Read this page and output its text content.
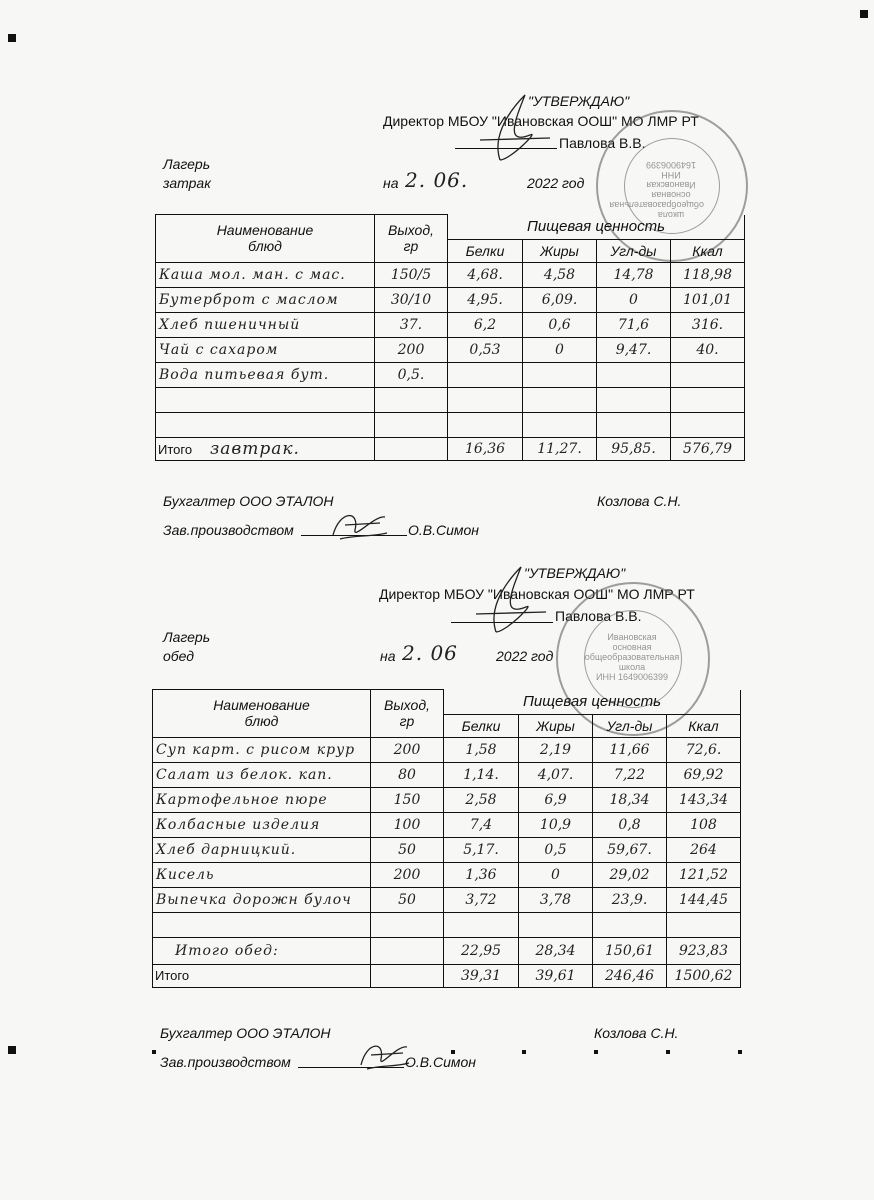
"УТВЕРЖДАЮ"
Директор МБОУ "Ивановская ООШ" МО ЛМР РТ
Павлова В.В.
Лагерь
затрак	на 2. 06.	2022 год
школа
общеобразовательная
основная
Ивановская
ИНН 1649006399
Наименование
блюд	Выход,
гр	Пищевая ценность			
		Белки	Жиры	Угл-ды	Ккал
Каша мол. ман. с мас.	150/5	4,68.	4,58	14,78	118,98
Бутерброт с маслом	30/10	4,95.	6,09.	0	101,01
Хлеб пшеничный	37.	6,2	0,6	71,6	316.
Чай с сахаром	200	0,53	0	9,47.	40.
Вода питьевая бут.	0,5.				

Итого завтрак.		16,36	11,27.	95,85.	576,79
Бухгалтер ООО ЭТАЛОН	Козлова С.Н.
Зав.производством	О.В.Симон
"УТВЕРЖДАЮ"
Директор МБОУ "Ивановская ООШ" МО ЛМР РТ
Павлова В.В.
Лагерь
обед	на 2. 06	2022 год
Ивановская
основная
общеобразовательная
школа
ИНН 1649006399
Наименование
блюд	Выход,
гр	Пищевая ценность			
		Белки	Жиры	Угл-ды	Ккал
Суп карт. с рисом крур	200	1,58	2,19	11,66	72,6.
Салат из белок. кап.	80	1,14.	4,07.	7,22	69,92
Картофельное пюре	150	2,58	6,9	18,34	143,34
Колбасные изделия	100	7,4	10,9	0,8	108
Хлеб дарницкий.	50	5,17.	0,5	59,67.	264
Кисель	200	1,36	0	29,02	121,52
Выпечка дорожн булоч	50	3,72	3,78	23,9.	144,45

Итого обед:		22,95	28,34	150,61	923,83
Итого		39,31	39,61	246,46	1500,62
Бухгалтер ООО ЭТАЛОН	Козлова С.Н.
Зав.производством	О.В.Симон
